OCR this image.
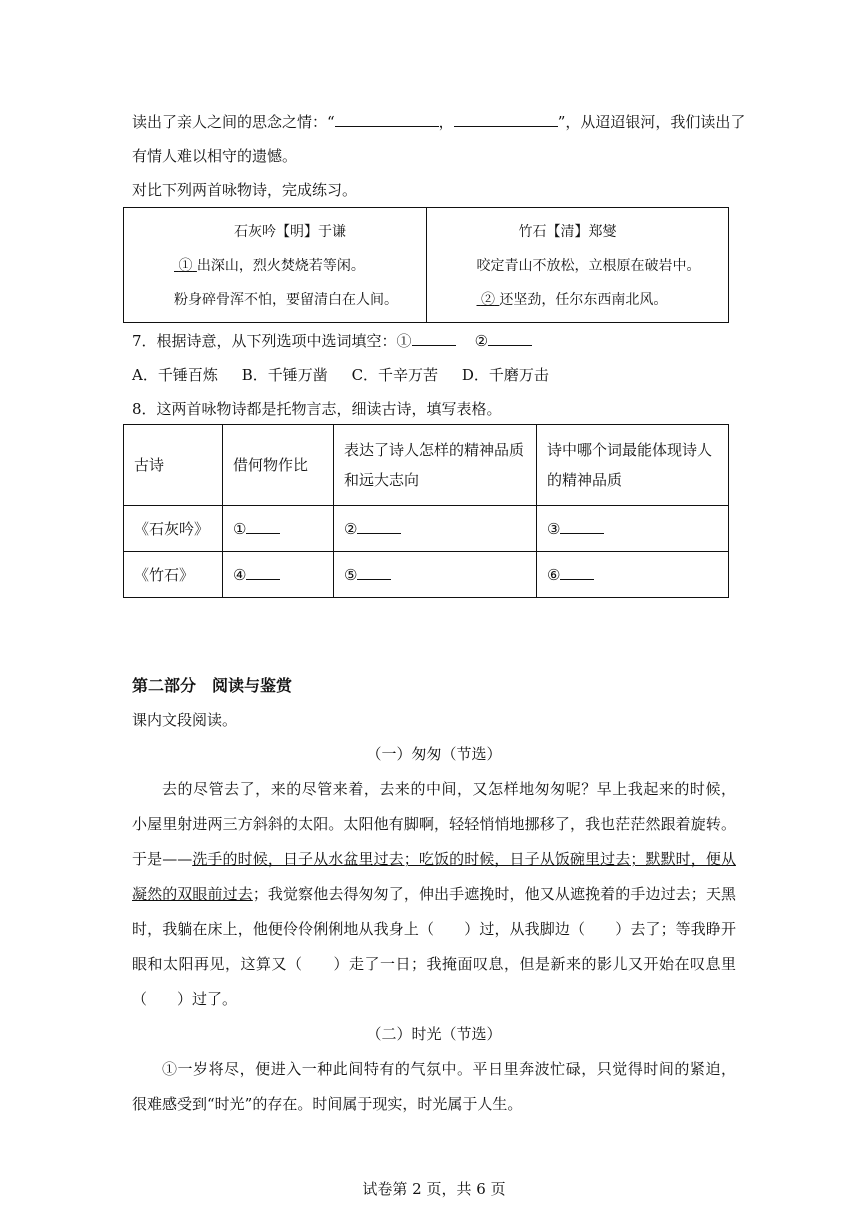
读出了亲人之间的思念之情：“	，	”，从迢迢银河，我们读出了
有情人难以相守的遗憾。
对比下列两首咏物诗，完成练习。
石灰吟【明】于谦
① 出深山，烈火焚烧若等闲。
粉身碎骨浑不怕，要留清白在人间。

竹石【清】郑燮
咬定青山不放松，立根原在破岩中。
② 还坚劲，任尔东西南北风。
7．根据诗意，从下列选项中选词填空：①	②
A．千锤百炼 B．千锤万凿 C．千辛万苦 D．千磨万击
8．这两首咏物诗都是托物言志，细读古诗，填写表格。
古诗	借何物作比	表达了诗人怎样的精神品质和远大志向	诗中哪个词最能体现诗人的精神品质
《石灰吟》	①	②	③
《竹石》	④	⑤	⑥
第二部分　阅读与鉴赏
课内文段阅读。
（一）匆匆（节选）
去的尽管去了，来的尽管来着，去来的中间，又怎样地匆匆呢？早上我起来的时候，
小屋里射进两三方斜斜的太阳。太阳他有脚啊，轻轻悄悄地挪移了，我也茫茫然跟着旋转。
于是——洗手的时候，日子从水盆里过去；吃饭的时候，日子从饭碗里过去；默默时，便从
凝然的双眼前过去；我觉察他去得匆匆了，伸出手遮挽时，他又从遮挽着的手边过去；天黑
时，我躺在床上，他便伶伶俐俐地从我身上（　　）过，从我脚边（　　）去了；等我睁开
眼和太阳再见，这算又（　　）走了一日；我掩面叹息，但是新来的影儿又开始在叹息里
（　　）过了。
（二）时光（节选）
①一岁将尽，便进入一种此间特有的气氛中。平日里奔波忙碌，只觉得时间的紧迫，
很难感受到“时光”的存在。时间属于现实，时光属于人生。
试卷第 2 页，共 6 页
